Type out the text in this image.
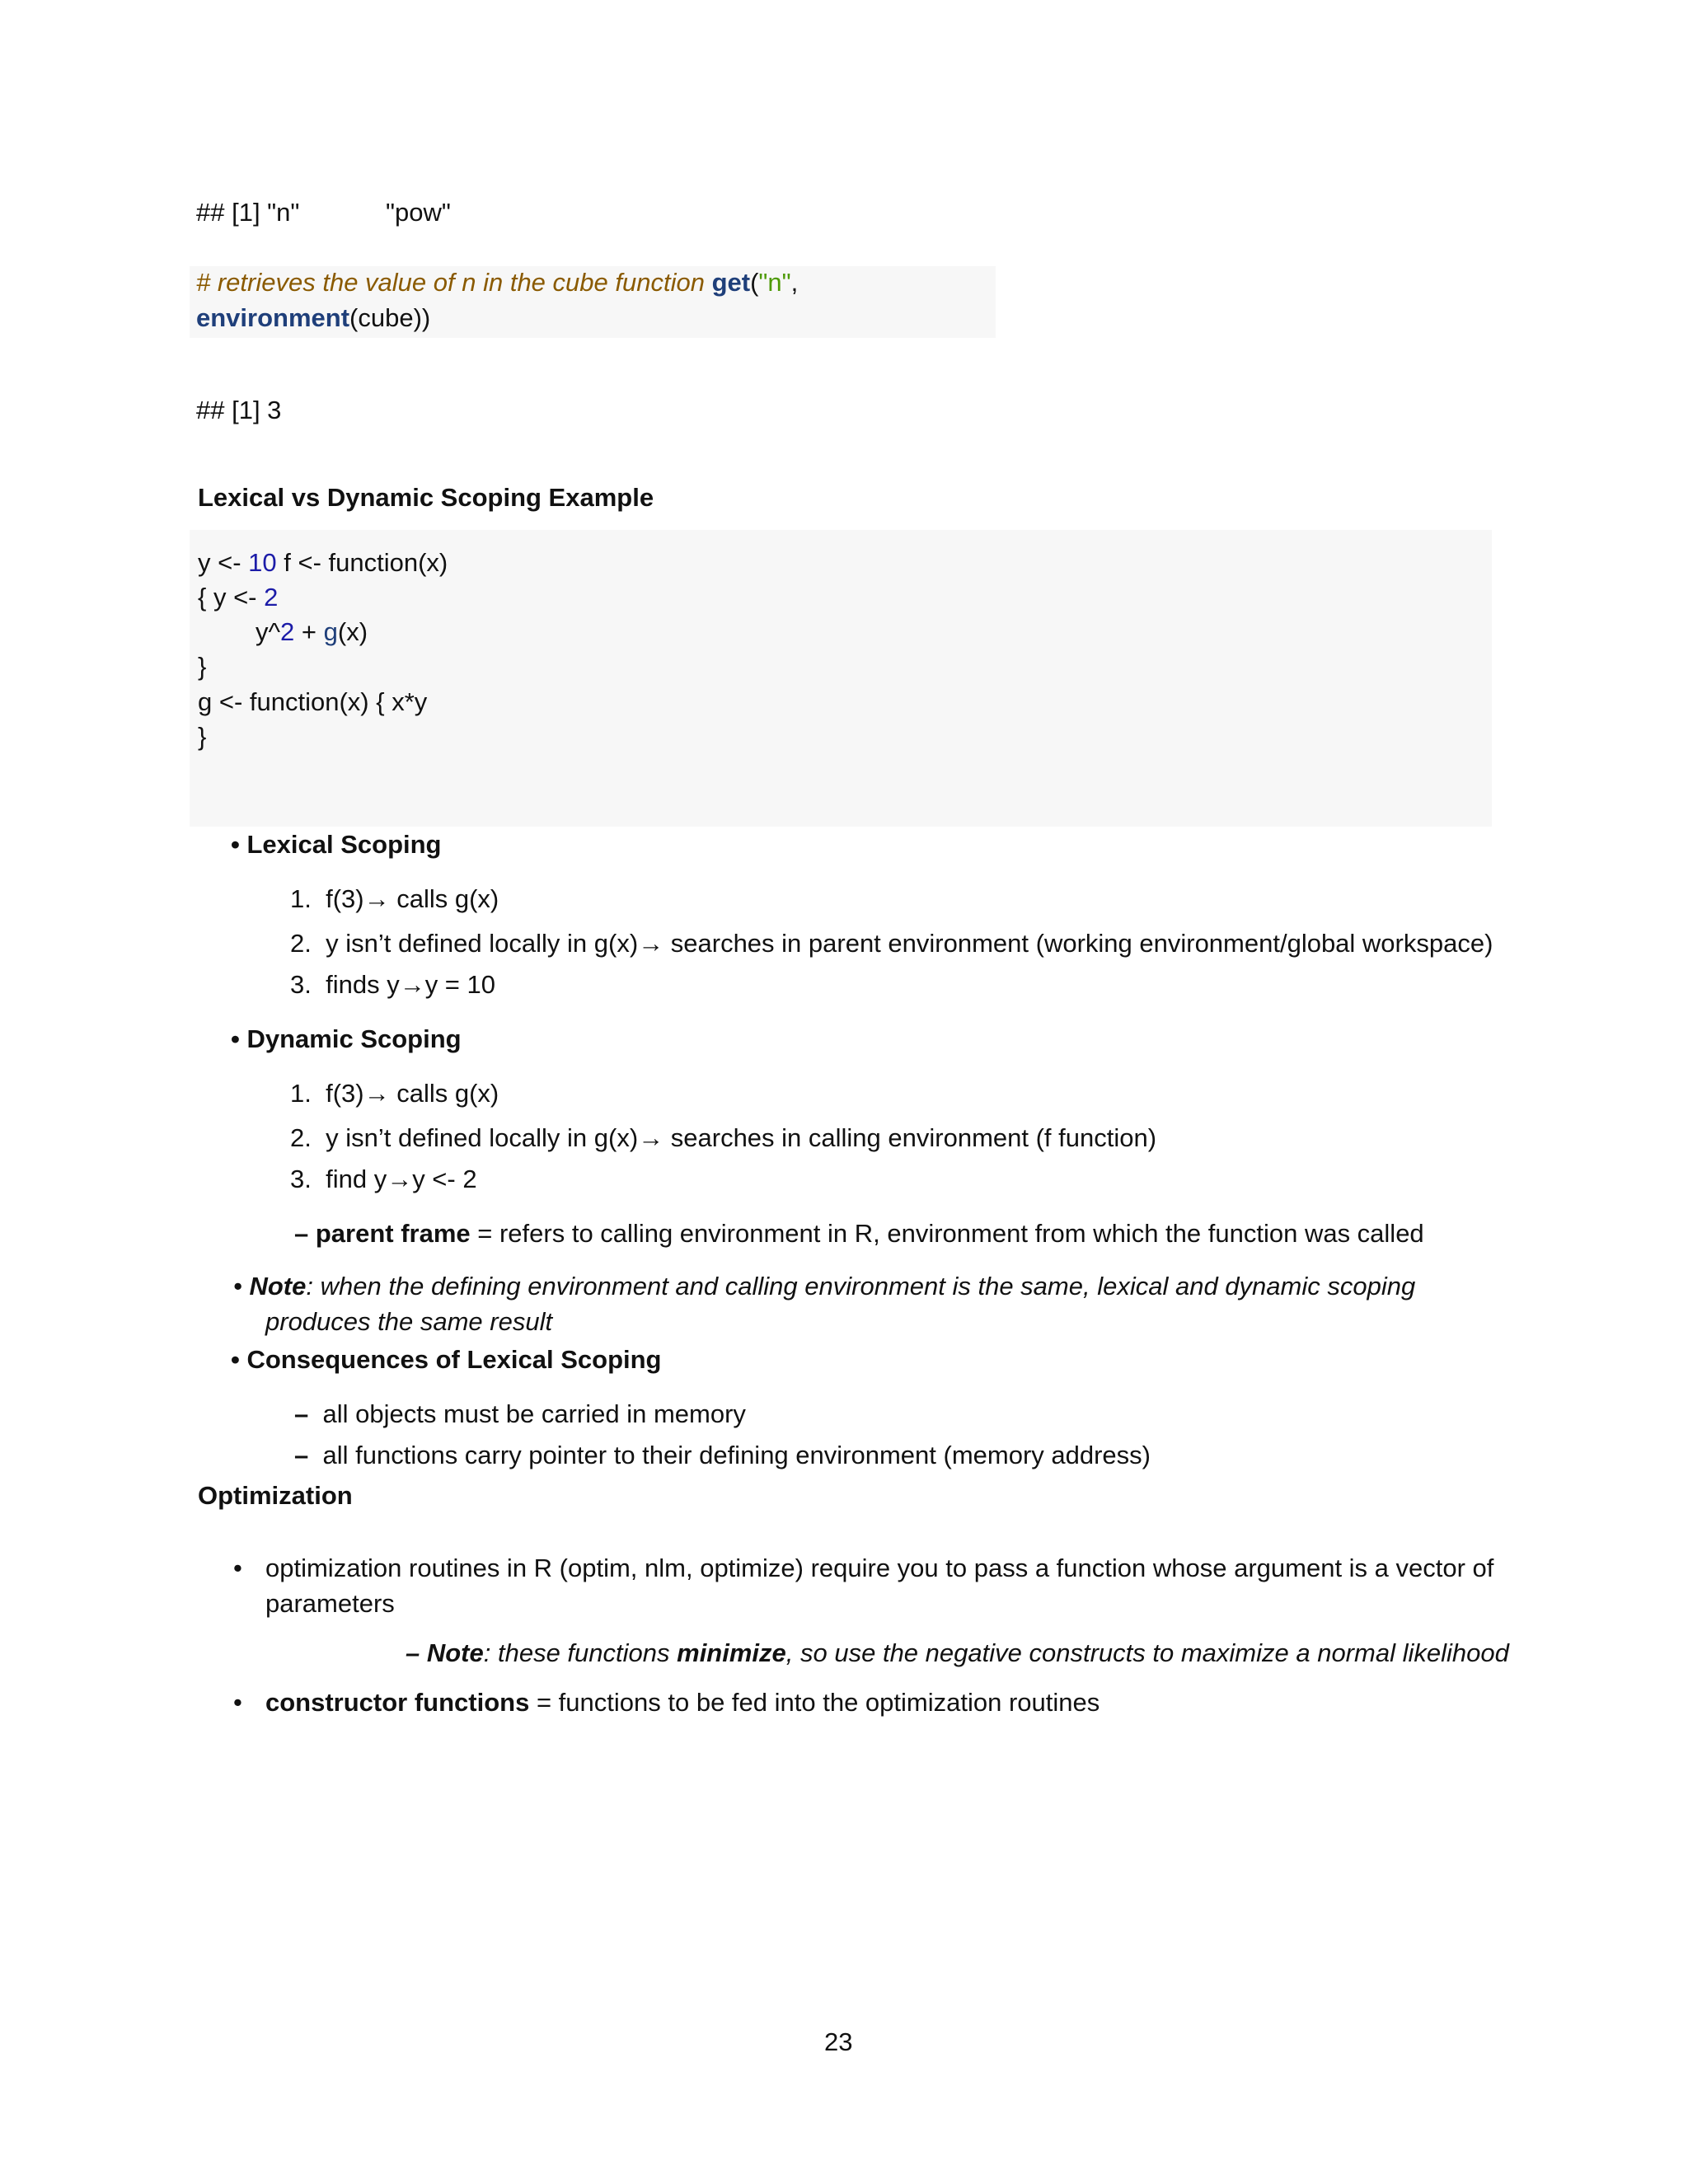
## [1] "n"	"pow"
# retrieves the value of n in the cube function get("n",
environment(cube))
## [1] 3
Lexical vs Dynamic Scoping Example
y <- 10 f <- function(x)
{ y <- 2
y^2 + g(x)
}
g <- function(x) { x*y
}
• Lexical Scoping
1. f(3)→ calls g(x)
2. y isn’t defined locally in g(x)→ searches in parent environment (working environment/global workspace)
3. finds y→y = 10
• Dynamic Scoping
1. f(3)→ calls g(x)
2. y isn’t defined locally in g(x)→ searches in calling environment (f function)
3. find y→y <- 2
– parent frame = refers to calling environment in R, environment from which the function was called
• Note: when the defining environment and calling environment is the same, lexical and dynamic scoping
produces the same result
• Consequences of Lexical Scoping
– all objects must be carried in memory
– all functions carry pointer to their defining environment (memory address)
Optimization
• optimization routines in R (optim, nlm, optimize) require you to pass a function whose argument is a vector of
parameters
– Note: these functions minimize, so use the negative constructs to maximize a normal likelihood
• constructor functions = functions to be fed into the optimization routines
23
